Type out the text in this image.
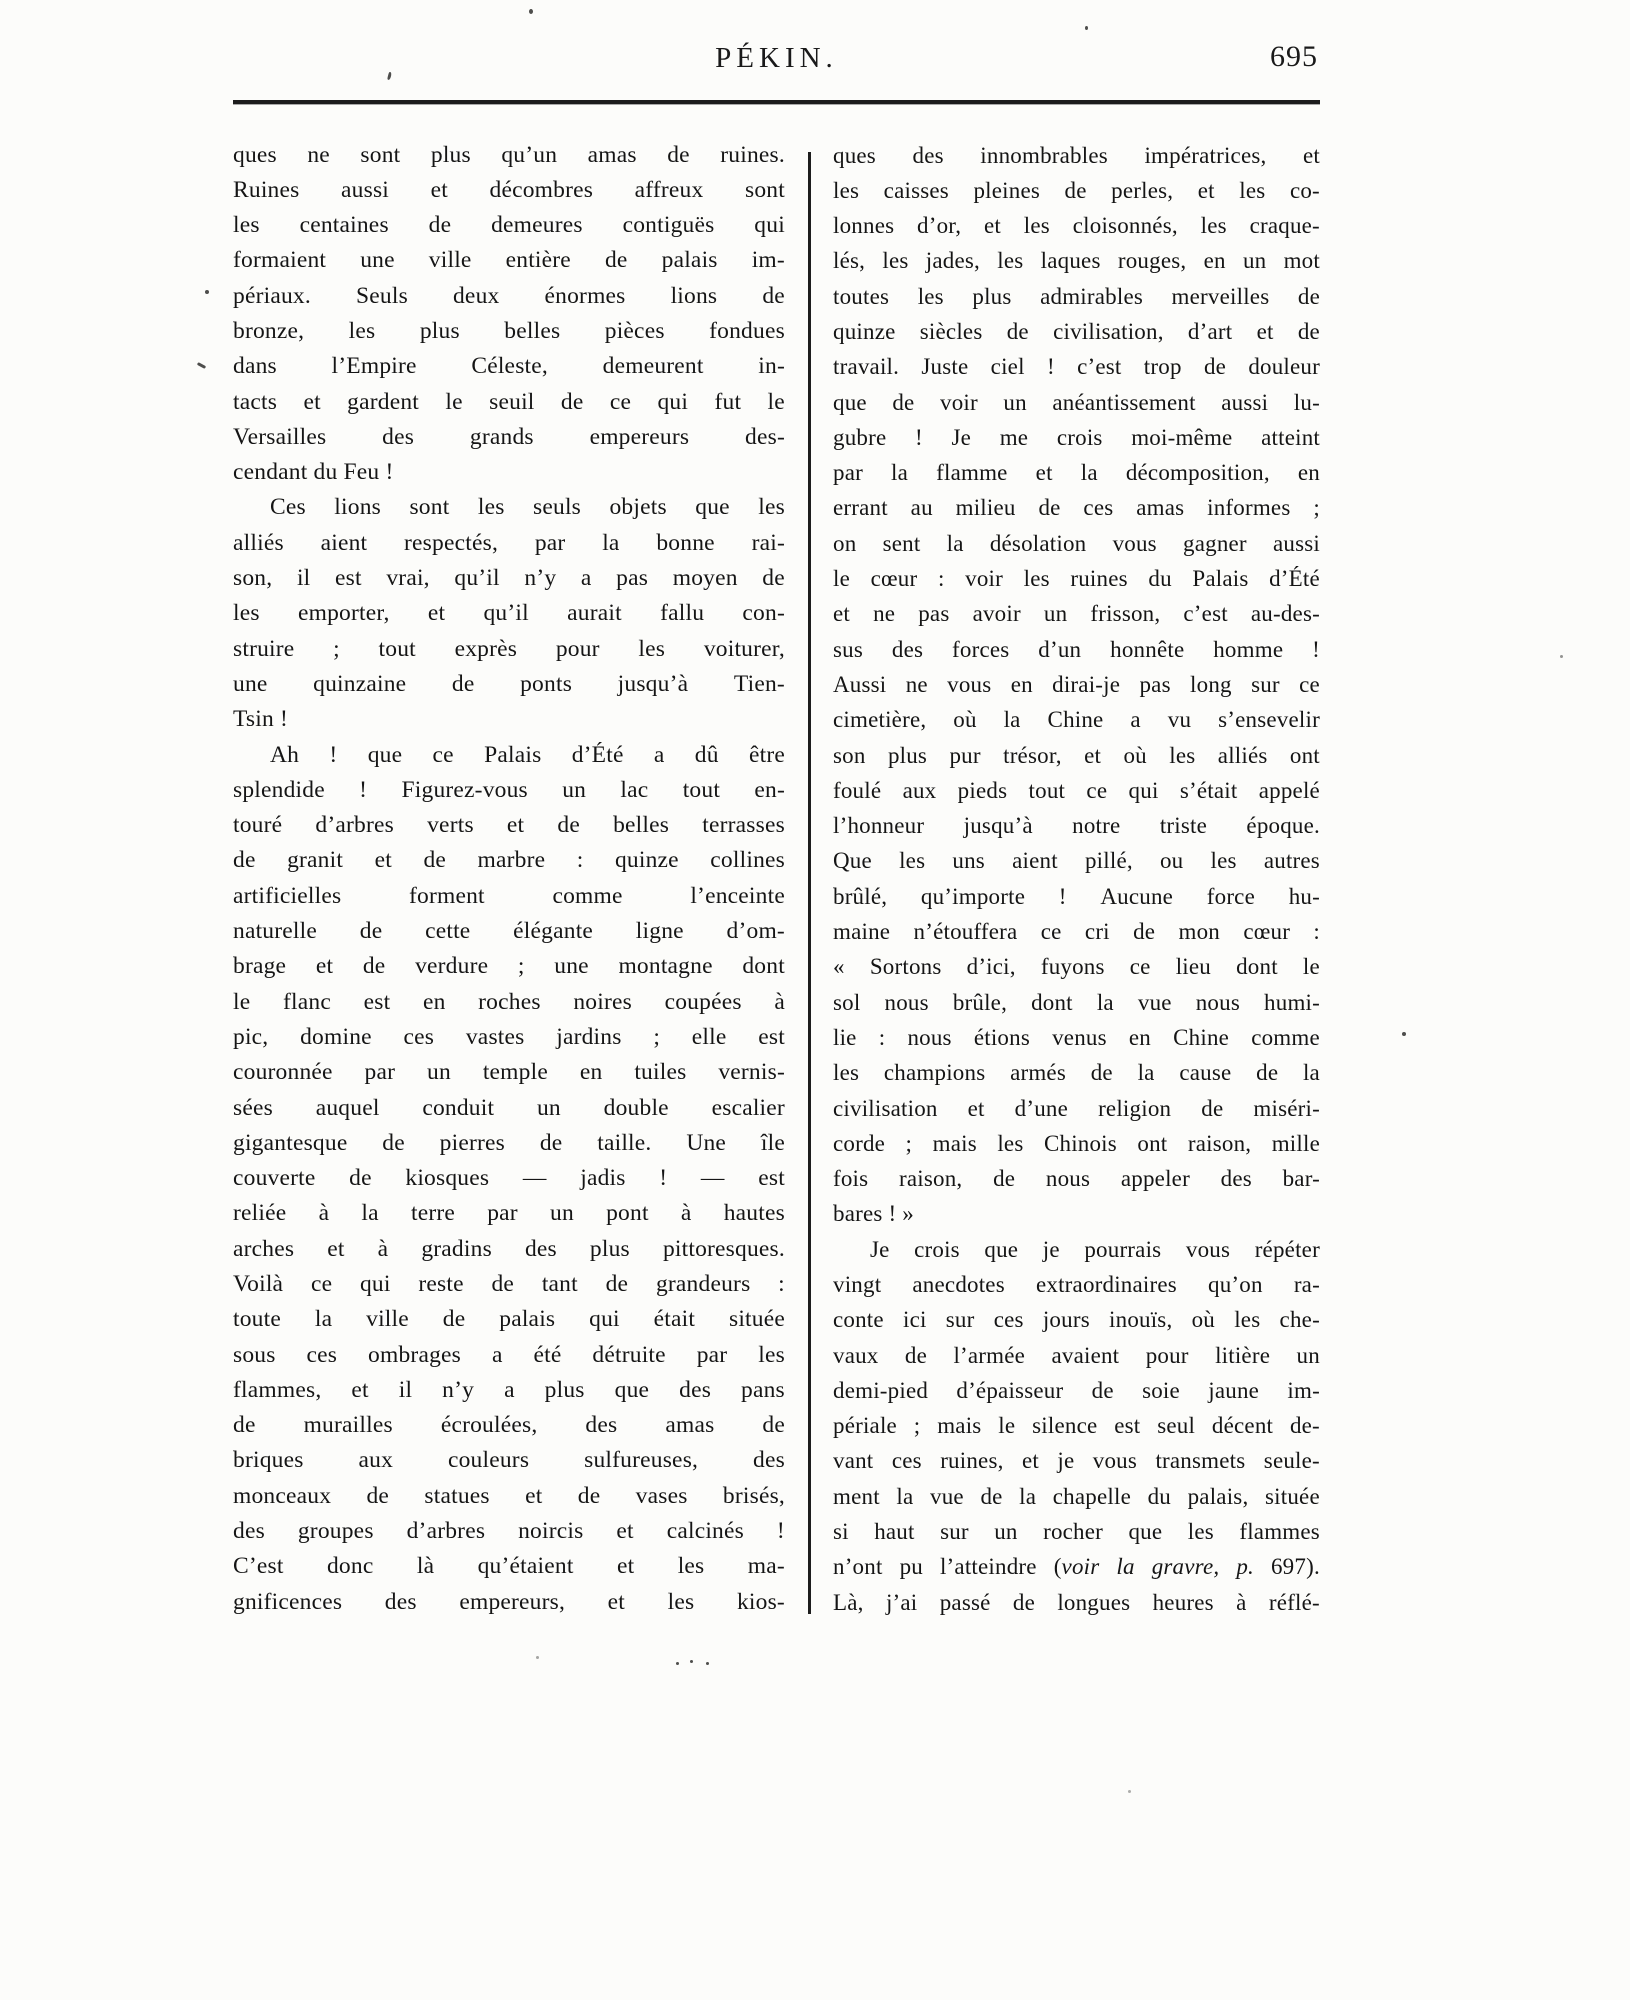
PÉKIN.	695
ques ne sont plus qu’un amas de ruines.
Ruines aussi et décombres affreux sont
les centaines de demeures contiguës qui
formaient une ville entière de palais im-
périaux. Seuls deux énormes lions de
bronze, les plus belles pièces fondues
dans l’Empire Céleste, demeurent in-
tacts et gardent le seuil de ce qui fut le
Versailles des grands empereurs des-
cendant du Feu !
Ces lions sont les seuls objets que les
alliés aient respectés, par la bonne rai-
son, il est vrai, qu’il n’y a pas moyen de
les emporter, et qu’il aurait fallu con-
struire ; tout exprès pour les voiturer,
une quinzaine de ponts jusqu’à Tien-
Tsin !
Ah ! que ce Palais d’Été a dû être
splendide ! Figurez-vous un lac tout en-
touré d’arbres verts et de belles terrasses
de granit et de marbre : quinze collines
artificielles	forment	comme	l’enceinte
naturelle de cette élégante ligne d’om-
brage et de verdure ; une montagne dont
le flanc est en roches noires coupées à
pic, domine ces vastes jardins ; elle est
couronnée par un temple en tuiles vernis-
sées auquel conduit un double escalier
gigantesque de pierres de taille. Une île
couverte de kiosques — jadis ! — est
reliée à la terre par un pont à hautes
arches et à gradins des plus pittoresques.
Voilà ce qui reste de tant de grandeurs :
toute la ville de palais qui était située
sous ces ombrages a été détruite par les
flammes, et il n’y a plus que des pans
de murailles écroulées, des amas de
briques aux couleurs sulfureuses, des
monceaux de statues et de vases brisés,
des groupes d’arbres noircis et calcinés !
C’est donc là qu’étaient et les ma-
gnificences des empereurs, et les kios-
ques des innombrables impératrices, et
les caisses pleines de perles, et les co-
lonnes d’or, et les cloisonnés, les craque-
lés, les jades, les laques rouges, en un mot
toutes les plus admirables merveilles de
quinze siècles de civilisation, d’art et de
travail. Juste ciel ! c’est trop de douleur
que de voir un anéantissement aussi lu-
gubre ! Je me crois moi-même atteint
par la flamme et la décomposition, en
errant au milieu de ces amas informes ;
on sent la désolation vous gagner aussi
le cœur : voir les ruines du Palais d’Été
et ne pas avoir un frisson, c’est au-des-
sus des forces d’un honnête homme !
Aussi ne vous en dirai-je pas long sur ce
cimetière, où la Chine a vu s’ensevelir
son plus pur trésor, et où les alliés ont
foulé aux pieds tout ce qui s’était appelé
l’honneur jusqu’à notre triste époque.
Que les uns aient pillé, ou les autres
brûlé, qu’importe ! Aucune force hu-
maine n’étouffera ce cri de mon cœur :
« Sortons d’ici, fuyons ce lieu dont le
sol nous brûle, dont la vue nous humi-
lie : nous étions venus en Chine comme
les champions armés de la cause de la
civilisation et d’une religion de miséri-
corde ; mais les Chinois ont raison, mille
fois raison, de nous appeler des bar-
bares ! »
Je crois que je pourrais vous répéter
vingt anecdotes extraordinaires qu’on ra-
conte ici sur ces jours inouïs, où les che-
vaux de l’armée avaient pour litière un
demi-pied d’épaisseur de soie jaune im-
périale ; mais le silence est seul décent de-
vant ces ruines, et je vous transmets seule-
ment la vue de la chapelle du palais, située
si haut sur un rocher que les flammes
n’ont pu l’atteindre (voir la gravre, p. 697).
Là, j’ai passé de longues heures à réflé-
